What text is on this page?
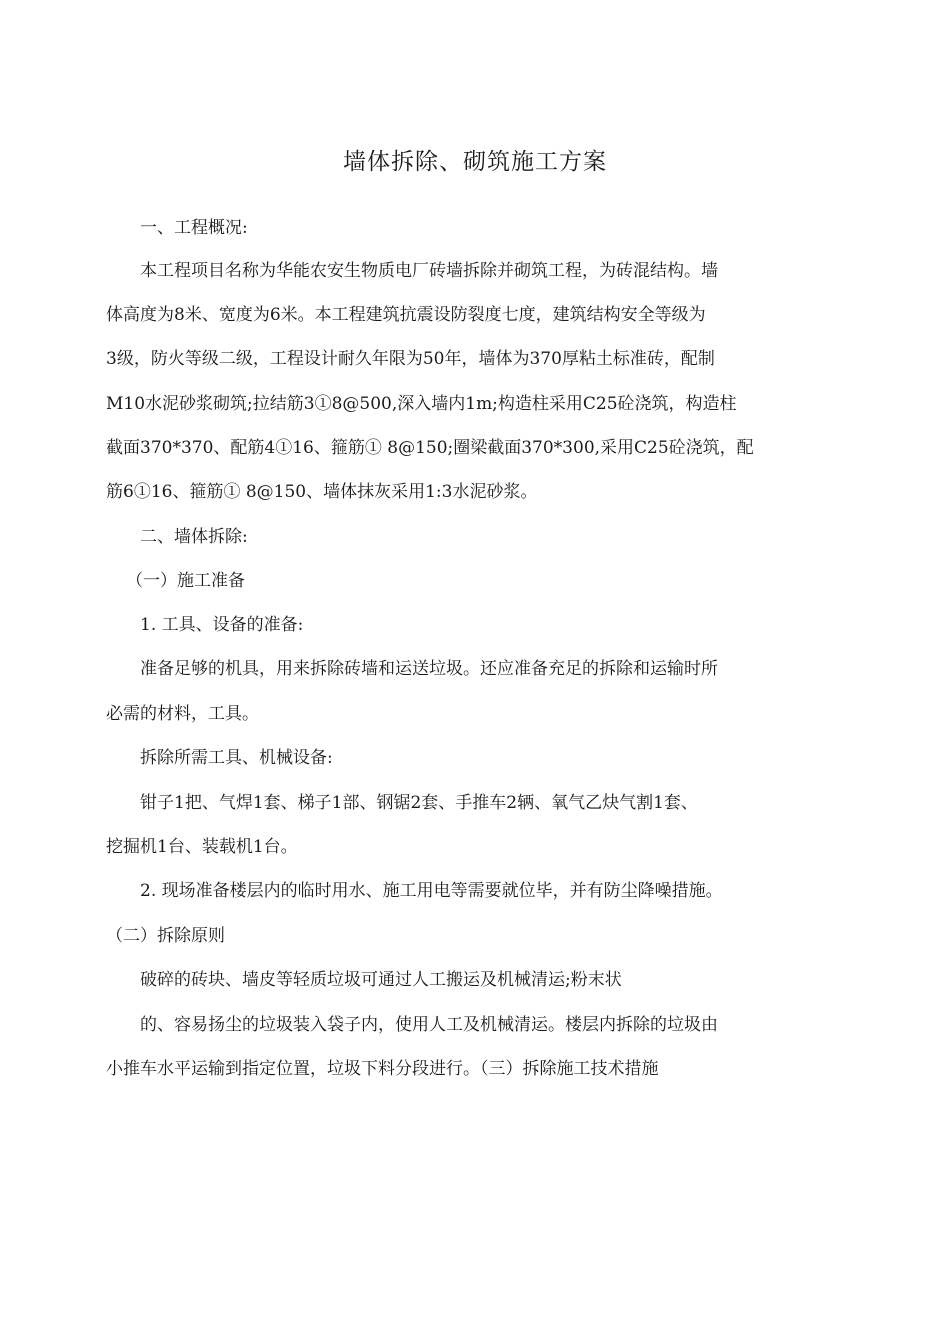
墙体拆除、砌筑施工方案

一、工程概况:

本工程项目名称为华能农安生物质电厂砖墙拆除并砌筑工程，为砖混结构。墙

体高度为8米、宽度为6米。本工程建筑抗震设防裂度七度，建筑结构安全等级为

3级，防火等级二级，工程设计耐久年限为50年，墙体为370厚粘土标准砖，配制

M10水泥砂浆砌筑;拉结筋3①8@500,深入墙内1m;构造柱采用C25砼浇筑，构造柱

截面370*370、配筋4①16、箍筋① 8@150;圈梁截面370*300,采用C25砼浇筑，配

筋6①16、箍筋① 8@150、墙体抹灰采用1:3水泥砂浆。

二、墙体拆除:

（一）施工准备

1. 工具、设备的准备:

准备足够的机具，用来拆除砖墙和运送垃圾。还应准备充足的拆除和运输时所

必需的材料，工具。

拆除所需工具、机械设备:

钳子1把、气焊1套、梯子1部、钢锯2套、手推车2辆、氧气乙炔气割1套、

挖掘机1台、装载机1台。

2. 现场准备楼层内的临时用水、施工用电等需要就位毕，并有防尘降噪措施。

（二）拆除原则

破碎的砖块、墙皮等轻质垃圾可通过人工搬运及机械清运;粉末状

的、容易扬尘的垃圾装入袋子内，使用人工及机械清运。楼层内拆除的垃圾由

小推车水平运输到指定位置，垃圾下料分段进行。（三）拆除施工技术措施
